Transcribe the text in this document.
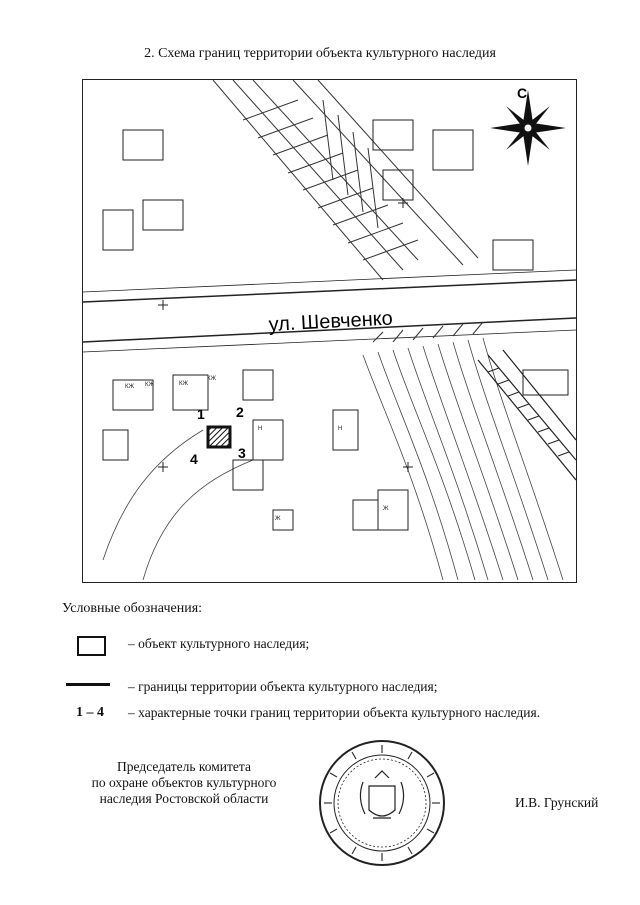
2. Схема границ территории объекта культурного наследия
С
ул. Шевченко
1 2
3
4
КЖ КЖ	КЖ
КЖ
Ж
Ж
Н
Н
Условные обозначения:
– объект культурного наследия;
– границы территории объекта культурного наследия;
1 – 4 – характерные точки границ территории объекта культурного наследия.
Председатель комитета
по охране объектов культурного
наследия Ростовской области	И.В. Грунский
